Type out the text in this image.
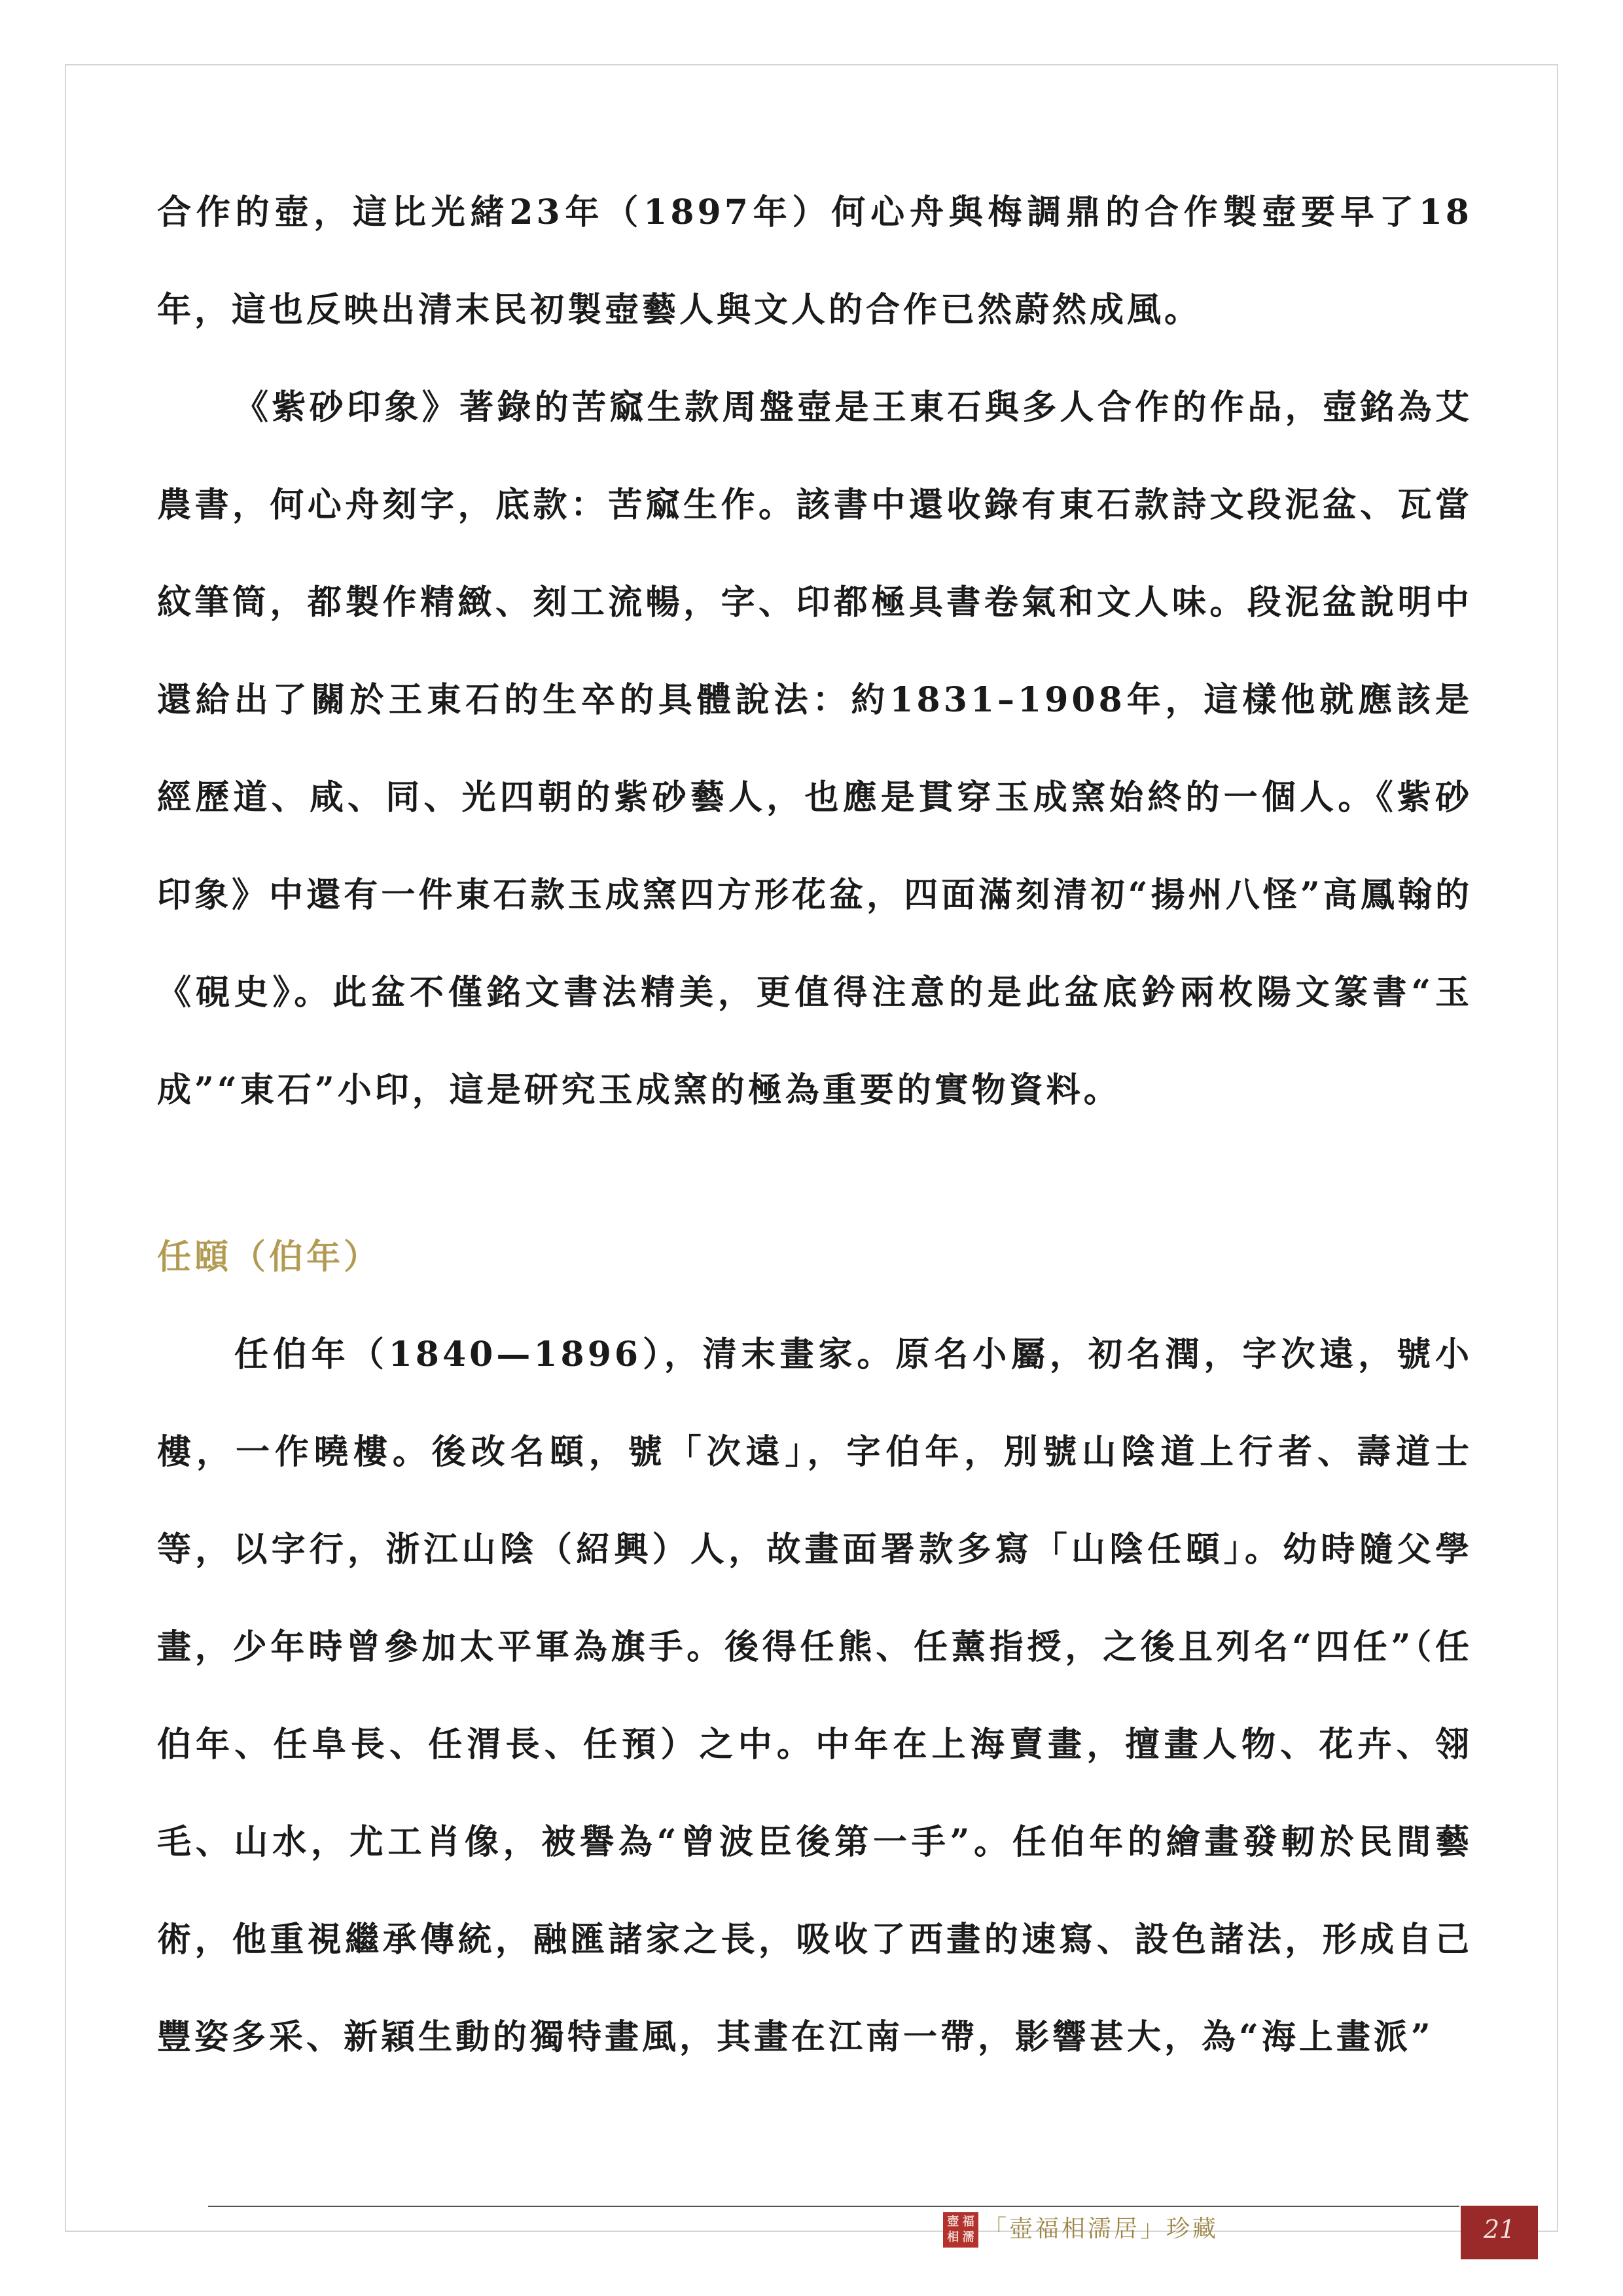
合作的壺，這比光緒23年（1897年）何心舟與梅調鼎的合作製壺要早了18年，這也反映出清末民初製壺藝人與文人的合作已然蔚然成風。

《紫砂印象》著錄的苦窳生款周盤壺是王東石與多人合作的作品，壺銘為艾農書，何心舟刻字，底款：苦窳生作。該書中還收錄有東石款詩文段泥盆、瓦當紋筆筒，都製作精緻、刻工流暢，字、印都極具書卷氣和文人味。段泥盆說明中還給出了關於王東石的生卒的具體說法：約1831–1908年，這樣他就應該是經歷道、咸、同、光四朝的紫砂藝人，也應是貫穿玉成窯始終的一個人。《紫砂印象》中還有一件東石款玉成窯四方形花盆，四面滿刻清初“揚州八怪”高鳳翰的《硯史》。此盆不僅銘文書法精美，更值得注意的是此盆底鈐兩枚陽文篆書“玉成”“東石”小印，這是研究玉成窯的極為重要的實物資料。

任頤（伯年）

任伯年（1840—1896），清末畫家。原名小屬，初名潤，字次遠，號小樓，一作曉樓。後改名頤，號「次遠」，字伯年，別號山陰道上行者、壽道士等，以字行，浙江山陰（紹興）人，故畫面署款多寫「山陰任頤」。幼時隨父學畫，少年時曾參加太平軍為旗手。後得任熊、任薰指授，之後且列名“四任”（任伯年、任阜長、任渭長、任預）之中。中年在上海賣畫，擅畫人物、花卉、翎毛、山水，尤工肖像，被譽為“曾波臣後第一手”。任伯年的繪畫發軔於民間藝術，他重視繼承傳統，融匯諸家之長，吸收了西畫的速寫、設色諸法，形成自己豐姿多采、新穎生動的獨特畫風，其畫在江南一帶，影響甚大，為“海上畫派”

壺 福
相 濡 「壺福相濡居」珍藏	21
